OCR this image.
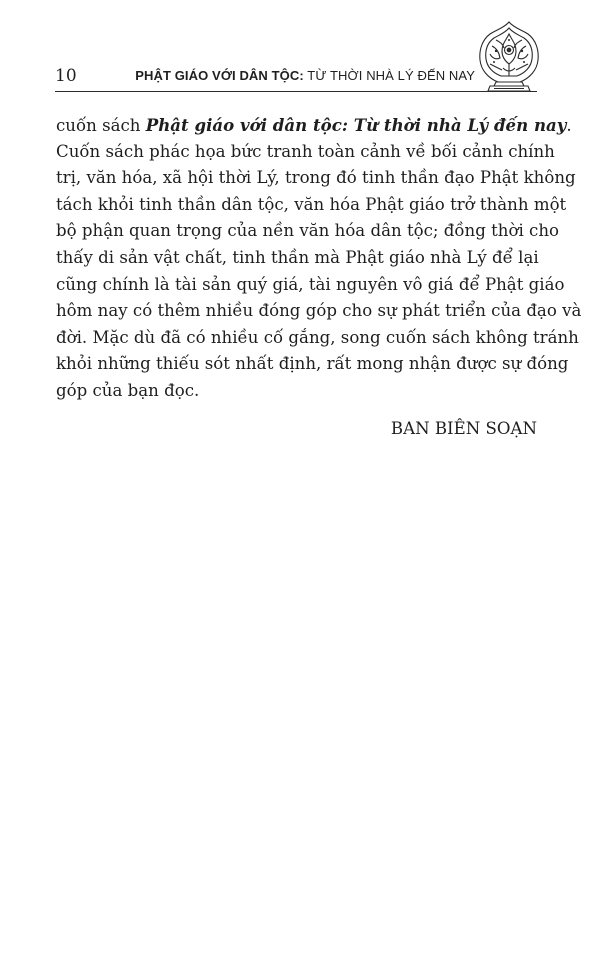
10	PHẬT GIÁO VỚI DÂN TỘC: TỪ THỜI NHÀ LÝ ĐẾN NAY
cuốn sách Phật giáo với dân tộc: Từ thời nhà Lý đến nay.
Cuốn sách phác họa bức tranh toàn cảnh về bối cảnh chính
trị, văn hóa, xã hội thời Lý, trong đó tinh thần đạo Phật không
tách khỏi tinh thần dân tộc, văn hóa Phật giáo trở thành một
bộ phận quan trọng của nền văn hóa dân tộc; đồng thời cho
thấy di sản vật chất, tinh thần mà Phật giáo nhà Lý để lại
cũng chính là tài sản quý giá, tài nguyên vô giá để Phật giáo
hôm nay có thêm nhiều đóng góp cho sự phát triển của đạo và
đời. Mặc dù đã có nhiều cố gắng, song cuốn sách không tránh
khỏi những thiếu sót nhất định, rất mong nhận được sự đóng
góp của bạn đọc.
BAN BIÊN SOẠN
